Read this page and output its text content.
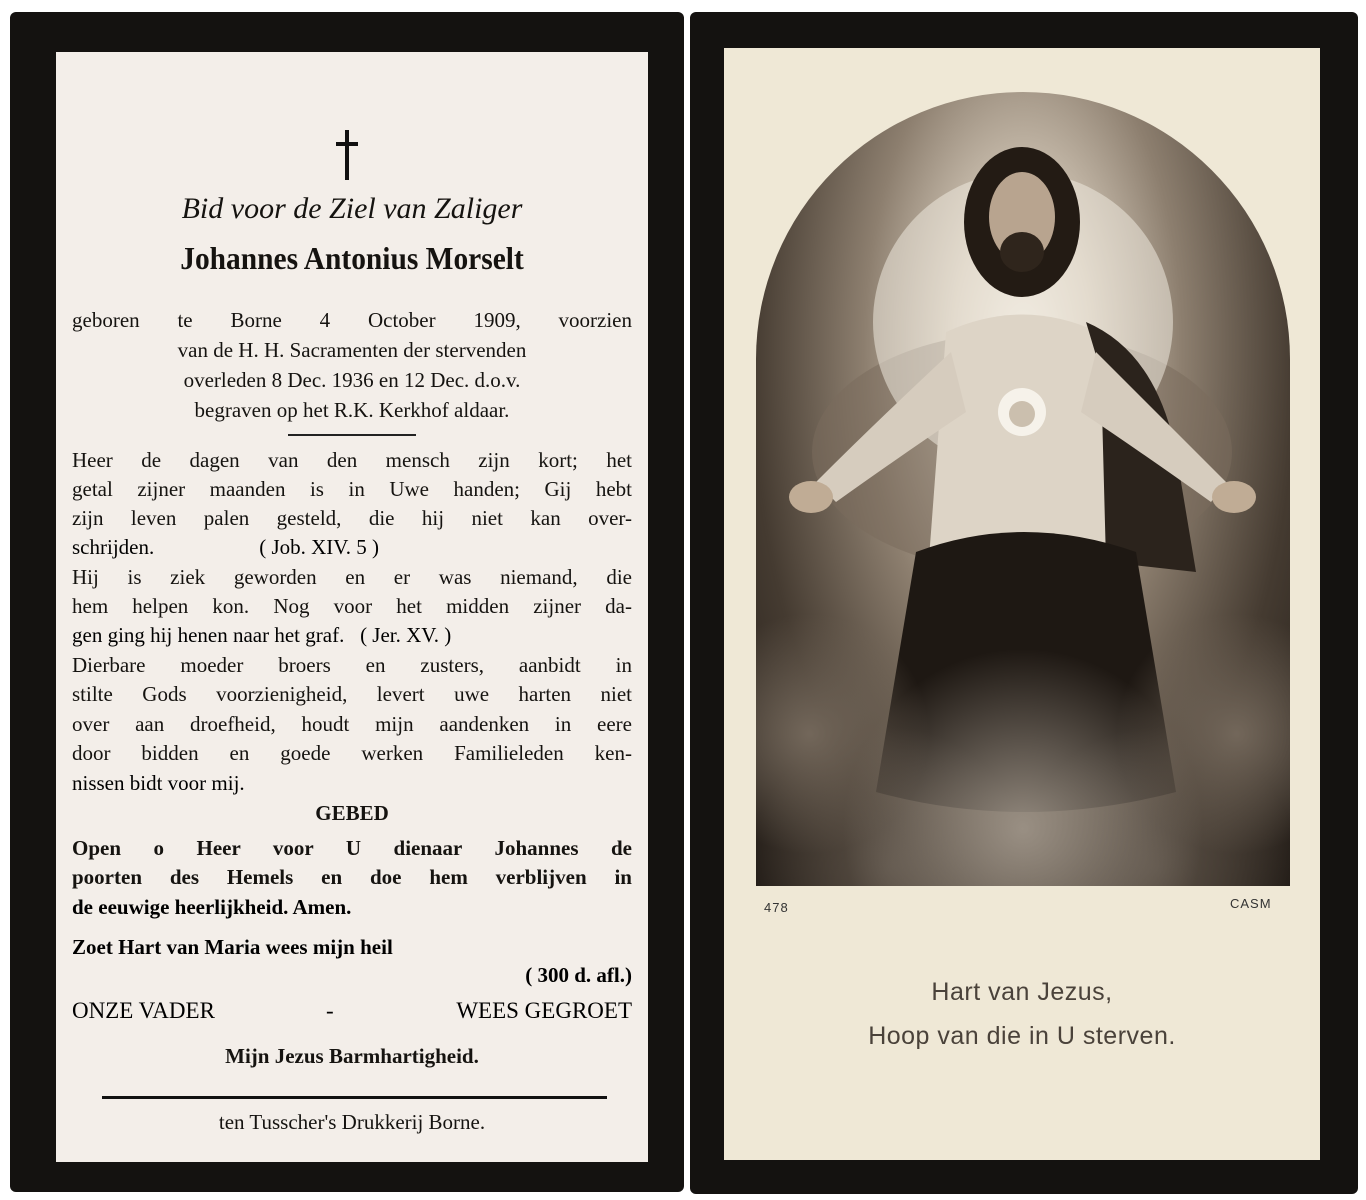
Bid voor de Ziel van Zaliger
Johannes Antonius Morselt
geboren te Borne 4 October 1909, voorzien
van de H. H. Sacramenten der stervenden
overleden 8 Dec. 1936 en 12 Dec. d.o.v.
begraven op het R.K. Kerkhof aldaar.
Heer de dagen van den mensch zijn kort; het
getal zijner maanden is in Uwe handen; Gij hebt
zijn leven palen gesteld, die hij niet kan over-
schrijden.                    ( Job. XIV. 5 )
Hij is ziek geworden en er was niemand, die
hem helpen kon. Nog voor het midden zijner da-
gen ging hij henen naar het graf.   ( Jer. XV. )
Dierbare moeder broers en zusters, aanbidt in
stilte Gods voorzienigheid, levert uwe harten niet
over aan droefheid, houdt mijn aandenken in eere
door bidden en goede werken Familieleden ken-
nissen bidt voor mij.
GEBED
Open o Heer voor U dienaar Johannes de
poorten des Hemels en doe hem verblijven in
de eeuwige heerlijkheid. Amen.
Zoet Hart van Maria wees mijn heil
( 300 d. afl.)
ONZE VADER	-	WEES GEGROET
Mijn Jezus Barmhartigheid.
ten Tusscher's Drukkerij Borne.
478	CASM
Hart van Jezus,
Hoop van die in U sterven.
